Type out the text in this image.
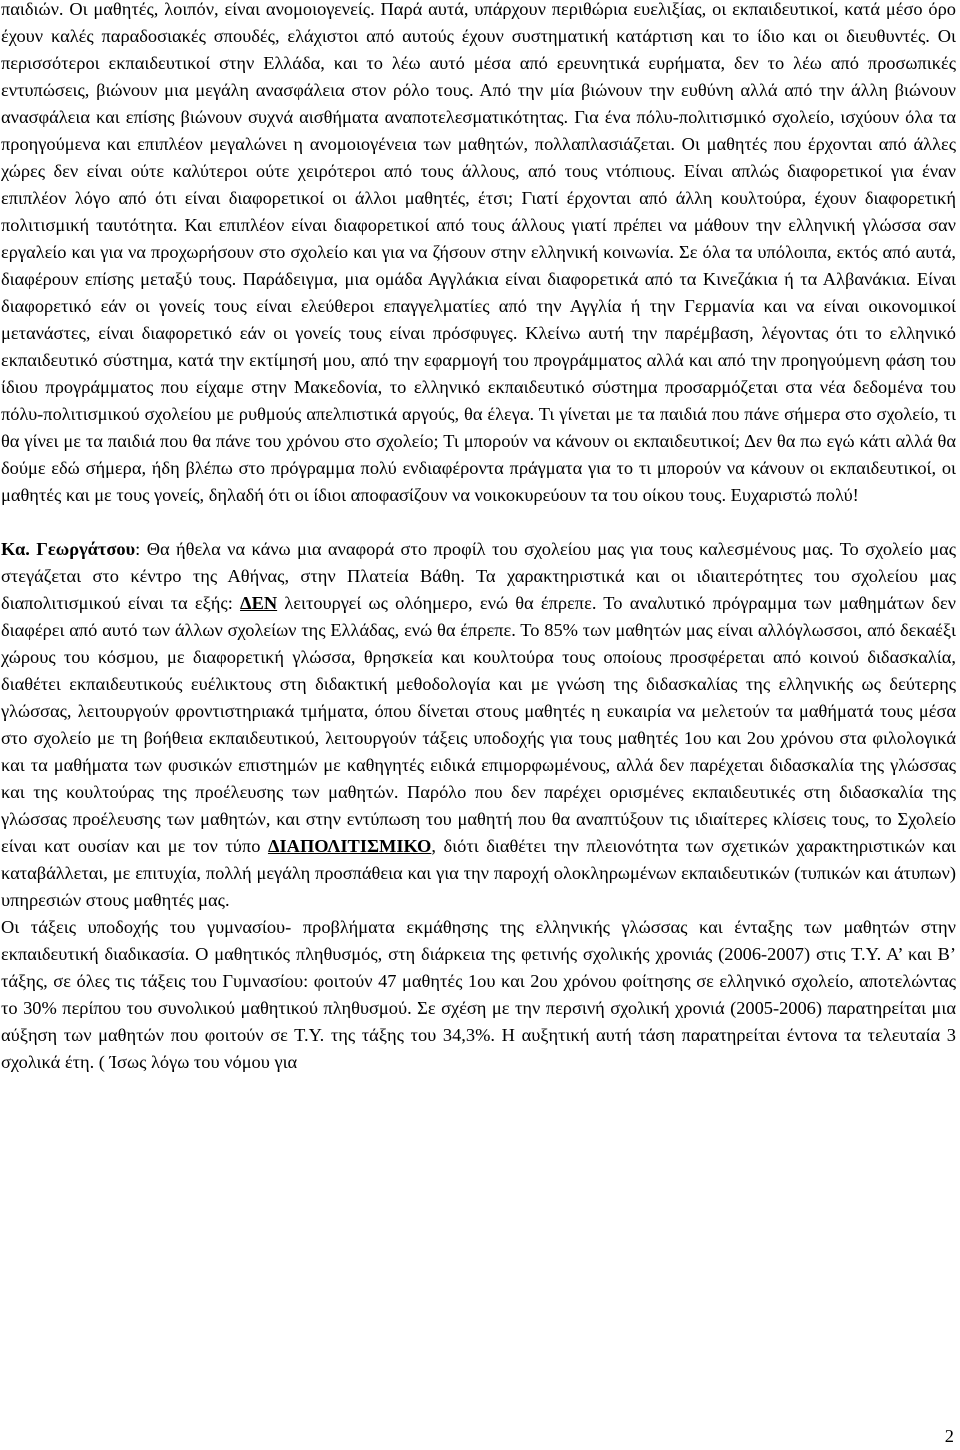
παιδιών. Οι μαθητές, λοιπόν, είναι ανομοιογενείς. Παρά αυτά, υπάρχουν περιθώρια ευελιξίας, οι εκπαιδευτικοί, κατά μέσο όρο έχουν καλές παραδοσιακές σπουδές, ελάχιστοι από αυτούς έχουν συστηματική κατάρτιση και το ίδιο και οι διευθυντές. Οι περισσότεροι εκπαιδευτικοί στην Ελλάδα, και το λέω αυτό μέσα από ερευνητικά ευρήματα, δεν το λέω από προσωπικές εντυπώσεις, βιώνουν μια μεγάλη ανασφάλεια στον ρόλο τους. Από την μία βιώνουν την ευθύνη αλλά από την άλλη βιώνουν ανασφάλεια και επίσης βιώνουν συχνά αισθήματα αναποτελεσματικότητας. Για ένα πόλυ-πολιτισμικό σχολείο, ισχύουν όλα τα προηγούμενα και επιπλέον μεγαλώνει η ανομοιογένεια των μαθητών, πολλαπλασιάζεται. Οι μαθητές που έρχονται από άλλες χώρες δεν είναι ούτε καλύτεροι ούτε χειρότεροι από τους άλλους, από τους ντόπιους. Είναι απλώς διαφορετικοί για έναν επιπλέον λόγο από ότι είναι διαφορετικοί οι άλλοι μαθητές, έτσι; Γιατί έρχονται από άλλη κουλτούρα, έχουν διαφορετική πολιτισμική ταυτότητα. Και επιπλέον είναι διαφορετικοί από τους άλλους γιατί πρέπει να μάθουν την ελληνική γλώσσα σαν εργαλείο και για να προχωρήσουν στο σχολείο και για να ζήσουν στην ελληνική κοινωνία. Σε όλα τα υπόλοιπα, εκτός από αυτά, διαφέρουν επίσης μεταξύ τους. Παράδειγμα, μια ομάδα Αγγλάκια είναι διαφορετικά από τα Κινεζάκια ή τα Αλβανάκια. Είναι διαφορετικό εάν οι γονείς τους είναι ελεύθεροι επαγγελματίες από την Αγγλία ή την Γερμανία και να είναι οικονομικοί μετανάστες, είναι διαφορετικό εάν οι γονείς τους είναι πρόσφυγες. Κλείνω αυτή την παρέμβαση, λέγοντας ότι το ελληνικό εκπαιδευτικό σύστημα, κατά την εκτίμησή μου, από την εφαρμογή του προγράμματος αλλά και από την προηγούμενη φάση του ίδιου προγράμματος που είχαμε στην Μακεδονία, το ελληνικό εκπαιδευτικό σύστημα προσαρμόζεται στα νέα δεδομένα του πόλυ-πολιτισμικού σχολείου με ρυθμούς απελπιστικά αργούς, θα έλεγα. Τι γίνεται με τα παιδιά που πάνε σήμερα στο σχολείο, τι θα γίνει με τα παιδιά που θα πάνε του χρόνου στο σχολείο; Τι μπορούν να κάνουν οι εκπαιδευτικοί; Δεν θα πω εγώ κάτι αλλά θα δούμε εδώ σήμερα, ήδη βλέπω στο πρόγραμμα πολύ ενδιαφέροντα πράγματα για το τι μπορούν να κάνουν οι εκπαιδευτικοί, οι μαθητές και με τους γονείς, δηλαδή ότι οι ίδιοι αποφασίζουν να νοικοκυρεύουν τα του οίκου τους. Ευχαριστώ πολύ!

Κα. Γεωργάτσου: Θα ήθελα να κάνω μια αναφορά στο προφίλ του σχολείου μας για τους καλεσμένους μας. Το σχολείο μας στεγάζεται στο κέντρο της Αθήνας, στην Πλατεία Βάθη. Τα χαρακτηριστικά και οι ιδιαιτερότητες του σχολείου μας διαπολιτισμικού είναι τα εξής: ΔΕΝ λειτουργεί ως ολόημερο, ενώ θα έπρεπε. Το αναλυτικό πρόγραμμα των μαθημάτων δεν διαφέρει από αυτό των άλλων σχολείων της Ελλάδας, ενώ θα έπρεπε. Το 85% των μαθητών μας είναι αλλόγλωσσοι, από δεκαέξι χώρους του κόσμου, με διαφορετική γλώσσα, θρησκεία και κουλτούρα τους οποίους προσφέρεται από κοινού διδασκαλία, διαθέτει εκπαιδευτικούς ευέλικτους στη διδακτική μεθοδολογία και με γνώση της διδασκαλίας της ελληνικής ως δεύτερης γλώσσας, λειτουργούν φροντιστηριακά τμήματα, όπου δίνεται στους μαθητές η ευκαιρία να μελετούν τα μαθήματά τους μέσα στο σχολείο με τη βοήθεια εκπαιδευτικού, λειτουργούν τάξεις υποδοχής για τους μαθητές 1ου και 2ου χρόνου στα φιλολογικά και τα μαθήματα των φυσικών επιστημών με καθηγητές ειδικά επιμορφωμένους, αλλά δεν παρέχεται διδασκαλία της γλώσσας και της κουλτούρας της προέλευσης των μαθητών. Παρόλο που δεν παρέχει ορισμένες εκπαιδευτικές στη διδασκαλία της γλώσσας προέλευσης των μαθητών, και στην εντύπωση του μαθητή που θα αναπτύξουν τις ιδιαίτερες κλίσεις τους, το Σχολείο είναι κατ ουσίαν και με τον τύπο ΔΙΑΠΟΛΙΤΙΣΜΙΚΟ, διότι διαθέτει την πλειονότητα των σχετικών χαρακτηριστικών και καταβάλλεται, με επιτυχία, πολλή μεγάλη προσπάθεια και για την παροχή ολοκληρωμένων εκπαιδευτικών (τυπικών και άτυπων) υπηρεσιών στους μαθητές μας.

Οι τάξεις υποδοχής του γυμνασίου- προβλήματα εκμάθησης της ελληνικής γλώσσας και ένταξης των μαθητών στην εκπαιδευτική διαδικασία. Ο μαθητικός πληθυσμός, στη διάρκεια της φετινής σχολικής χρονιάς (2006-2007) στις Τ.Υ. Α’ και Β’ τάξης, σε όλες τις τάξεις του Γυμνασίου: φοιτούν 47 μαθητές 1ου και 2ου χρόνου φοίτησης σε ελληνικό σχολείο, αποτελώντας το 30% περίπου του συνολικού μαθητικού πληθυσμού. Σε σχέση με την περσινή σχολική χρονιά (2005-2006) παρατηρείται μια αύξηση των μαθητών που φοιτούν σε Τ.Υ. της τάξης του 34,3%. Η αυξητική αυτή τάση παρατηρείται έντονα τα τελευταία 3 σχολικά έτη. ( Ίσως λόγω του νόμου για

2
